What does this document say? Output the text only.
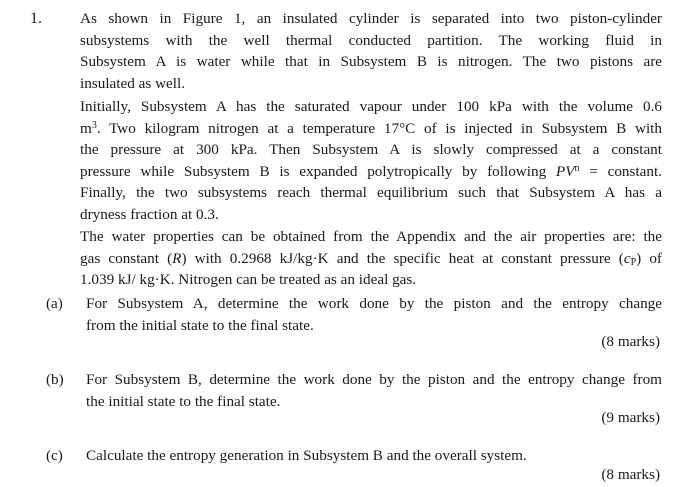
1.	As shown in Figure 1, an insulated cylinder is separated into two piston-cylinder
subsystems with the well thermal conducted partition. The working fluid in
Subsystem A is water while that in Subsystem B is nitrogen. The two pistons are
insulated as well.
Initially, Subsystem A has the saturated vapour under 100 kPa with the volume 0.6
$m^3$. Two kilogram nitrogen at a temperature 17°C of is injected in Subsystem B with
the pressure at 300 kPa. Then Subsystem A is slowly compressed at a constant
pressure while Subsystem B is expanded polytropically by following $PV^n$ = constant.
Finally, the two subsystems reach thermal equilibrium such that Subsystem A has a
dryness fraction at 0.3.
The water properties can be obtained from the Appendix and the air properties are: the
gas constant (R) with 0.2968 kJ/kg·K and the specific heat at constant pressure $(c_P)$ of
1.039 kJ/ kg·K. Nitrogen can be treated as an ideal gas.
(a) For Subsystem A, determine the work done by the piston and the entropy change
from the initial state to the final state.
(8 marks)
(b) For Subsystem B, determine the work done by the piston and the entropy change from
the initial state to the final state.
(9 marks)
(c) Calculate the entropy generation in Subsystem B and the overall system.
(8 marks)
